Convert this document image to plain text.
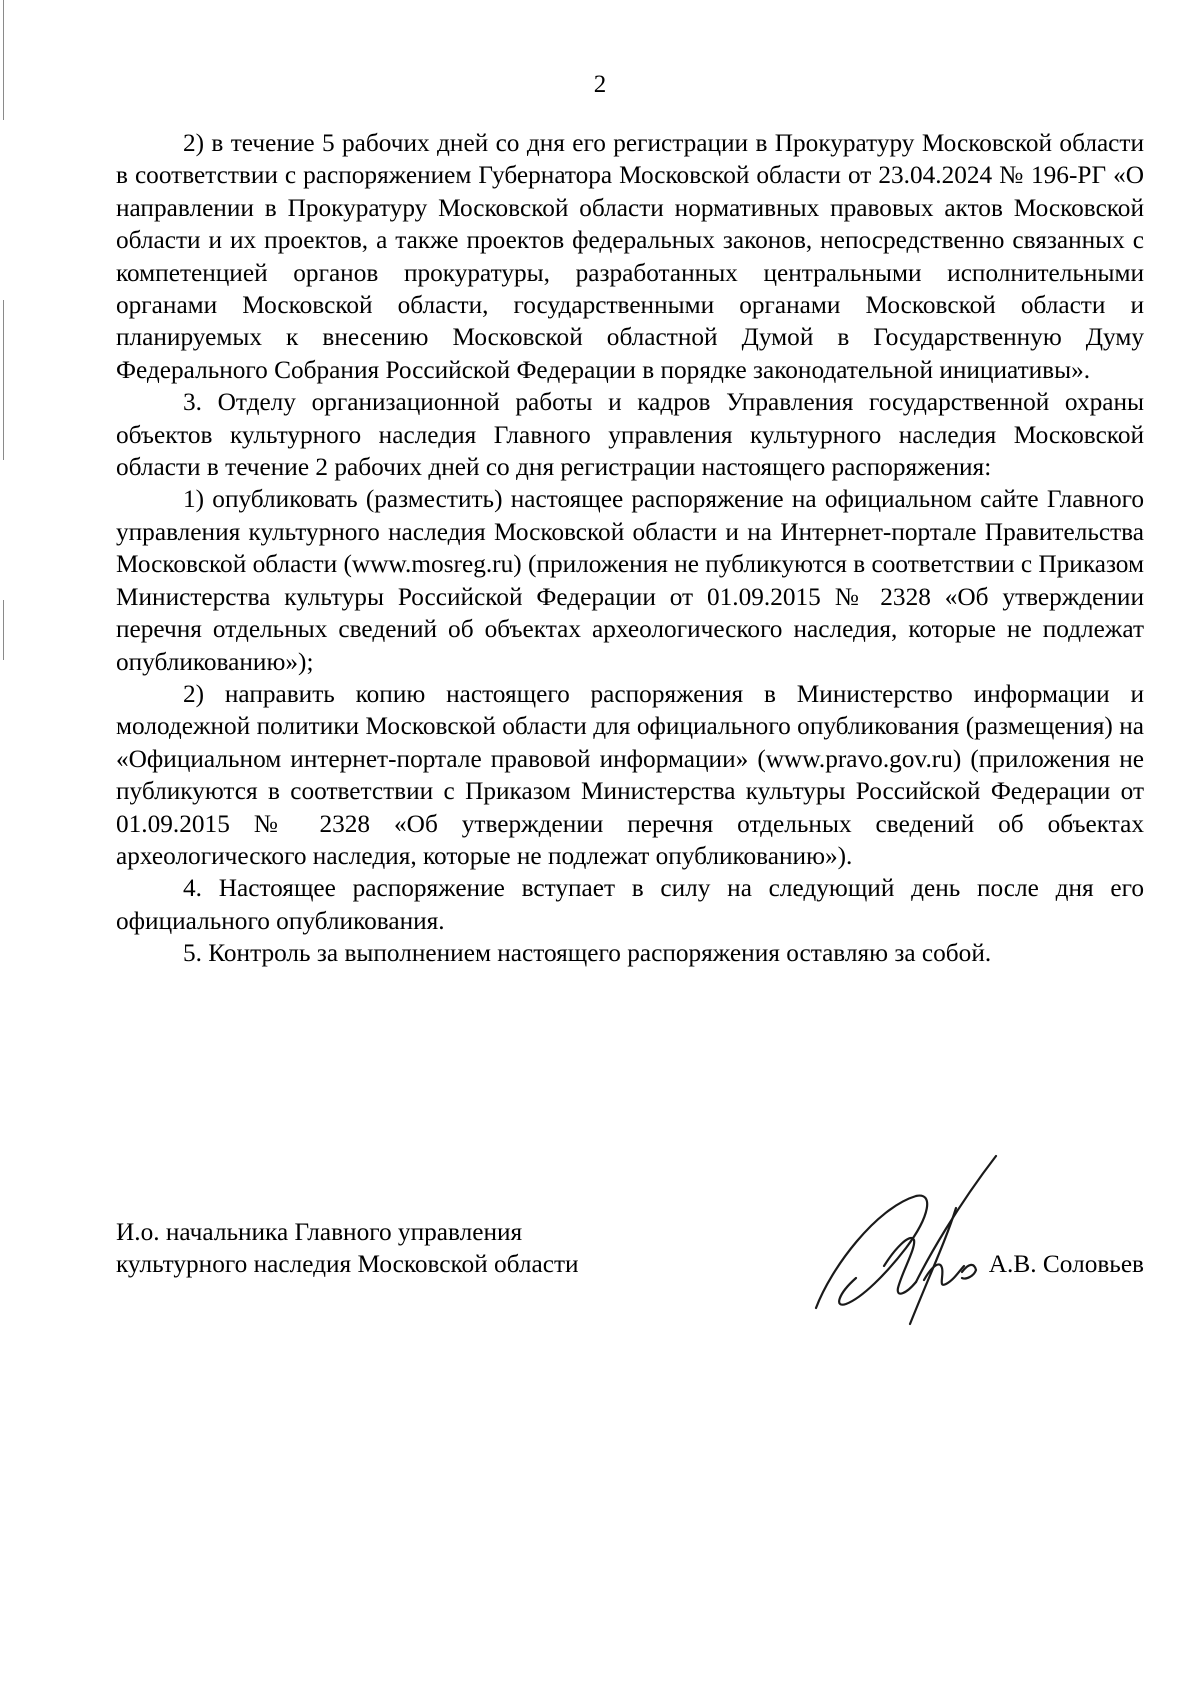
2

2) в течение 5 рабочих дней со дня его регистрации в Прокуратуру Московской области в соответствии с распоряжением Губернатора Московской области от 23.04.2024 № 196-РГ «О направлении в Прокуратуру Московской области нормативных правовых актов Московской области и их проектов, а также проектов федеральных законов, непосредственно связанных с компетенцией органов прокуратуры, разработанных центральными исполнительными органами Московской области, государственными органами Московской области и планируемых к внесению Московской областной Думой в Государственную Думу Федерального Собрания Российской Федерации в порядке законодательной инициативы».

3. Отделу организационной работы и кадров Управления государственной охраны объектов культурного наследия Главного управления культурного наследия Московской области в течение 2 рабочих дней со дня регистрации настоящего распоряжения:

1) опубликовать (разместить) настоящее распоряжение на официальном сайте Главного управления культурного наследия Московской области и на Интернет-портале Правительства Московской области (www.mosreg.ru) (приложения не публикуются в соответствии с Приказом Министерства культуры Российской Федерации от 01.09.2015 № 2328 «Об утверждении перечня отдельных сведений об объектах археологического наследия, которые не подлежат опубликованию»);

2) направить копию настоящего распоряжения в Министерство информации и молодежной политики Московской области для официального опубликования (размещения) на «Официальном интернет-портале правовой информации» (www.pravo.gov.ru) (приложения не публикуются в соответствии с Приказом Министерства культуры Российской Федерации от 01.09.2015 № 2328 «Об утверждении перечня отдельных сведений об объектах археологического наследия, которые не подлежат опубликованию»).

4. Настоящее распоряжение вступает в силу на следующий день после дня его официального опубликования.

5. Контроль за выполнением настоящего распоряжения оставляю за собой.

И.о. начальника Главного управления
культурного наследия Московской области	А.В. Соловьев
